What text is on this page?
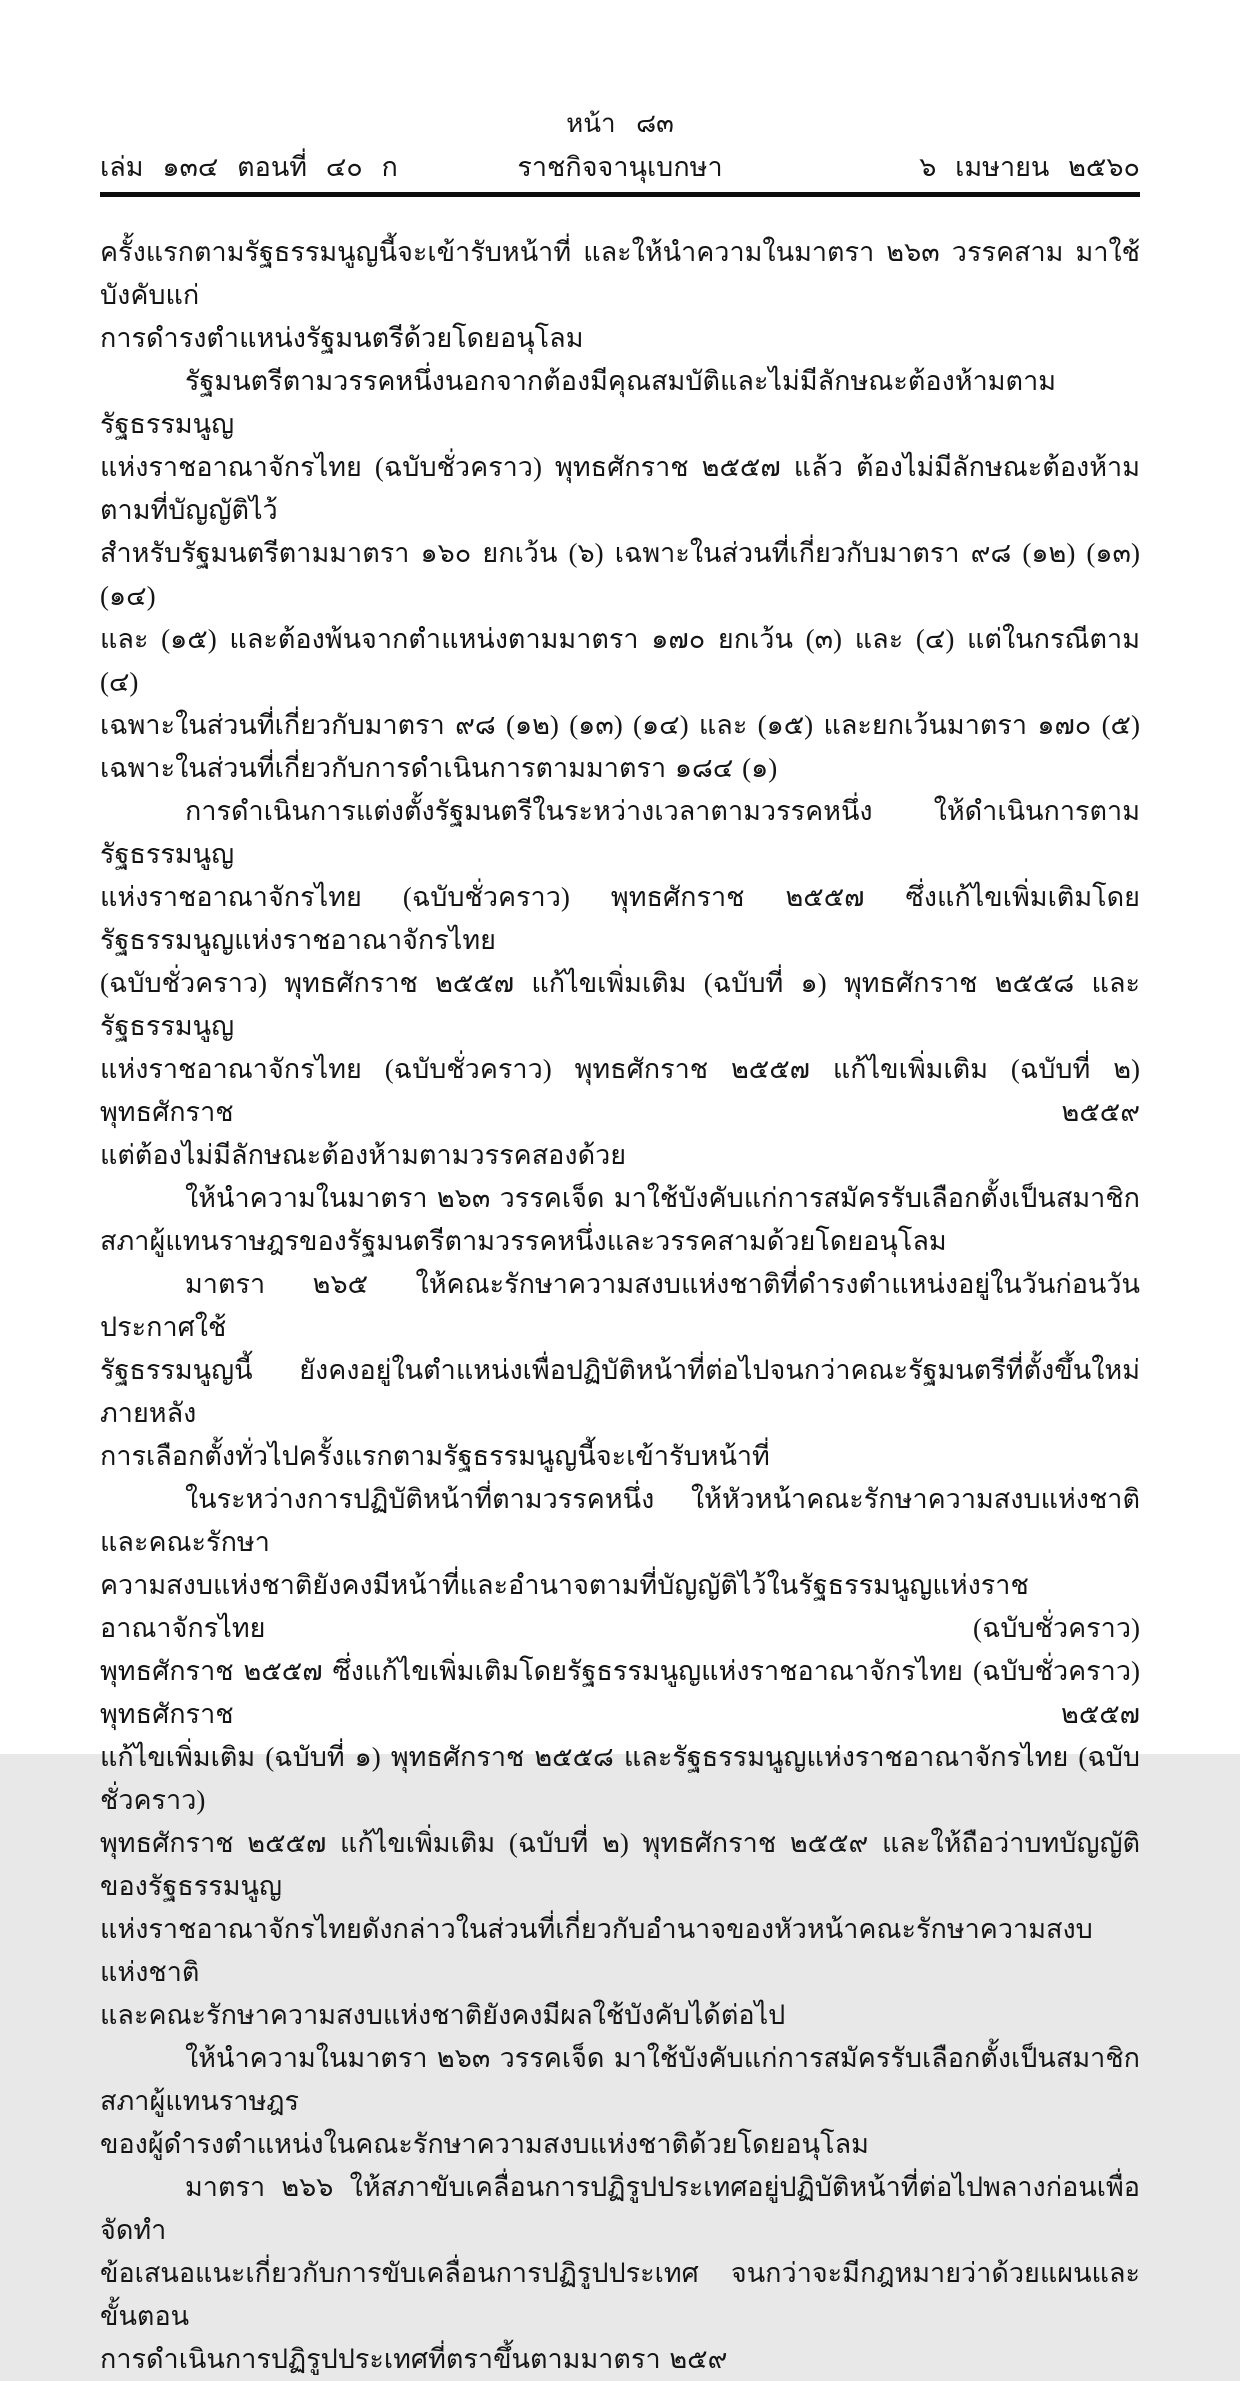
หน้า ๘๓
เล่ม ๑๓๔ ตอนที่ ๔๐ ก	ราชกิจจานุเบกษา	๖ เมษายน ๒๕๖๐
ครั้งแรกตามรัฐธรรมนูญนี้จะเข้ารับหน้าที่ และให้นำความในมาตรา ๒๖๓ วรรคสาม มาใช้บังคับแก่
การดำรงตำแหน่งรัฐมนตรีด้วยโดยอนุโลม
รัฐมนตรีตามวรรคหนึ่งนอกจากต้องมีคุณสมบัติและไม่มีลักษณะต้องห้ามตามรัฐธรรมนูญ
แห่งราชอาณาจักรไทย (ฉบับชั่วคราว) พุทธศักราช ๒๕๕๗ แล้ว ต้องไม่มีลักษณะต้องห้ามตามที่บัญญัติไว้
สำหรับรัฐมนตรีตามมาตรา ๑๖๐ ยกเว้น (๖) เฉพาะในส่วนที่เกี่ยวกับมาตรา ๙๘ (๑๒) (๑๓) (๑๔)
และ (๑๕) และต้องพ้นจากตำแหน่งตามมาตรา ๑๗๐ ยกเว้น (๓) และ (๔) แต่ในกรณีตาม (๔)
เฉพาะในส่วนที่เกี่ยวกับมาตรา ๙๘ (๑๒) (๑๓) (๑๔) และ (๑๕) และยกเว้นมาตรา ๑๗๐ (๕)
เฉพาะในส่วนที่เกี่ยวกับการดำเนินการตามมาตรา ๑๘๔ (๑)
การดำเนินการแต่งตั้งรัฐมนตรีในระหว่างเวลาตามวรรคหนึ่ง ให้ดำเนินการตามรัฐธรรมนูญ
แห่งราชอาณาจักรไทย (ฉบับชั่วคราว) พุทธศักราช ๒๕๕๗ ซึ่งแก้ไขเพิ่มเติมโดยรัฐธรรมนูญแห่งราชอาณาจักรไทย
(ฉบับชั่วคราว) พุทธศักราช ๒๕๕๗ แก้ไขเพิ่มเติม (ฉบับที่ ๑) พุทธศักราช ๒๕๕๘ และรัฐธรรมนูญ
แห่งราชอาณาจักรไทย (ฉบับชั่วคราว) พุทธศักราช ๒๕๕๗ แก้ไขเพิ่มเติม (ฉบับที่ ๒) พุทธศักราช ๒๕๕๙
แต่ต้องไม่มีลักษณะต้องห้ามตามวรรคสองด้วย
ให้นำความในมาตรา ๒๖๓ วรรคเจ็ด มาใช้บังคับแก่การสมัครรับเลือกตั้งเป็นสมาชิก
สภาผู้แทนราษฎรของรัฐมนตรีตามวรรคหนึ่งและวรรคสามด้วยโดยอนุโลม
มาตรา ๒๖๕ ให้คณะรักษาความสงบแห่งชาติที่ดำรงตำแหน่งอยู่ในวันก่อนวันประกาศใช้
รัฐธรรมนูญนี้ ยังคงอยู่ในตำแหน่งเพื่อปฏิบัติหน้าที่ต่อไปจนกว่าคณะรัฐมนตรีที่ตั้งขึ้นใหม่ภายหลัง
การเลือกตั้งทั่วไปครั้งแรกตามรัฐธรรมนูญนี้จะเข้ารับหน้าที่
ในระหว่างการปฏิบัติหน้าที่ตามวรรคหนึ่ง ให้หัวหน้าคณะรักษาความสงบแห่งชาติและคณะรักษา
ความสงบแห่งชาติยังคงมีหน้าที่และอำนาจตามที่บัญญัติไว้ในรัฐธรรมนูญแห่งราชอาณาจักรไทย (ฉบับชั่วคราว)
พุทธศักราช ๒๕๕๗ ซึ่งแก้ไขเพิ่มเติมโดยรัฐธรรมนูญแห่งราชอาณาจักรไทย (ฉบับชั่วคราว) พุทธศักราช ๒๕๕๗
แก้ไขเพิ่มเติม (ฉบับที่ ๑) พุทธศักราช ๒๕๕๘ และรัฐธรรมนูญแห่งราชอาณาจักรไทย (ฉบับชั่วคราว)
พุทธศักราช ๒๕๕๗ แก้ไขเพิ่มเติม (ฉบับที่ ๒) พุทธศักราช ๒๕๕๙ และให้ถือว่าบทบัญญัติของรัฐธรรมนูญ
แห่งราชอาณาจักรไทยดังกล่าวในส่วนที่เกี่ยวกับอำนาจของหัวหน้าคณะรักษาความสงบแห่งชาติ
และคณะรักษาความสงบแห่งชาติยังคงมีผลใช้บังคับได้ต่อไป
ให้นำความในมาตรา ๒๖๓ วรรคเจ็ด มาใช้บังคับแก่การสมัครรับเลือกตั้งเป็นสมาชิกสภาผู้แทนราษฎร
ของผู้ดำรงตำแหน่งในคณะรักษาความสงบแห่งชาติด้วยโดยอนุโลม
มาตรา ๒๖๖ ให้สภาขับเคลื่อนการปฏิรูปประเทศอยู่ปฏิบัติหน้าที่ต่อไปพลางก่อนเพื่อจัดทำ
ข้อเสนอแนะเกี่ยวกับการขับเคลื่อนการปฏิรูปประเทศ จนกว่าจะมีกฎหมายว่าด้วยแผนและขั้นตอน
การดำเนินการปฏิรูปประเทศที่ตราขึ้นตามมาตรา ๒๕๙
